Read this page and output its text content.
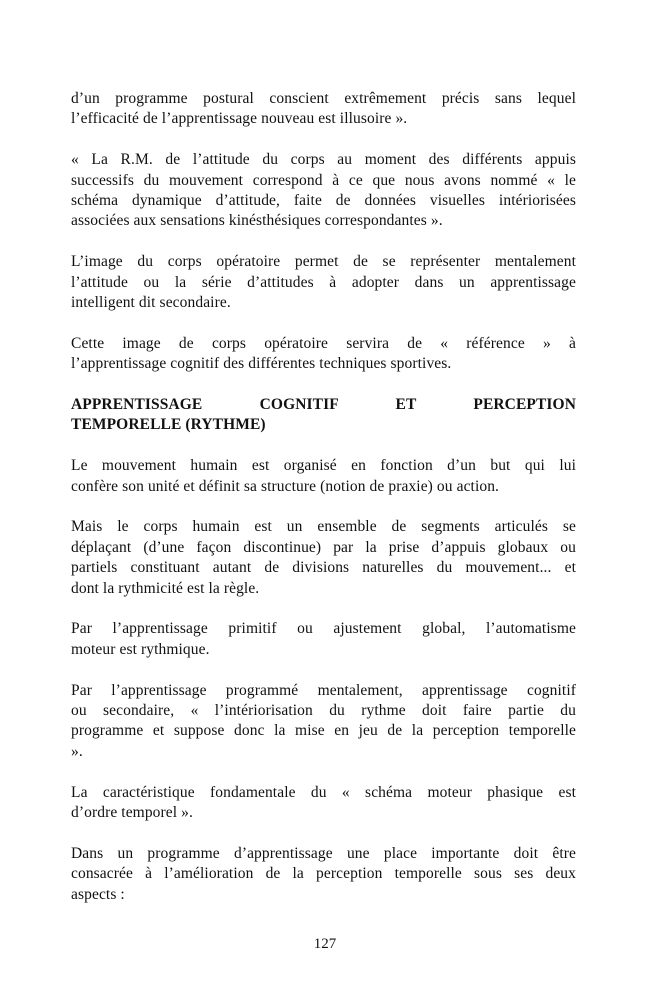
d’un programme postural conscient extrêmement précis sans lequel
l’efficacité de l’apprentissage nouveau est illusoire ».
« La R.M. de l’attitude du corps au moment des différents appuis
successifs du mouvement correspond à ce que nous avons nommé « le
schéma dynamique d’attitude, faite de données visuelles intériorisées
associées aux sensations kinésthésiques correspondantes ».
L’image du corps opératoire permet de se représenter mentalement
l’attitude ou la série d’attitudes à adopter dans un apprentissage
intelligent dit secondaire.
Cette image de corps opératoire servira de « référence » à
l’apprentissage cognitif des différentes techniques sportives.
APPRENTISSAGE COGNITIF ET PERCEPTION
TEMPORELLE (RYTHME)
Le mouvement humain est organisé en fonction d’un but qui lui
confère son unité et définit sa structure (notion de praxie) ou action.
Mais le corps humain est un ensemble de segments articulés se
déplaçant (d’une façon discontinue) par la prise d’appuis globaux ou
partiels constituant autant de divisions naturelles du mouvement... et
dont la rythmicité est la règle.
Par l’apprentissage primitif ou ajustement global, l’automatisme
moteur est rythmique.
Par l’apprentissage programmé mentalement, apprentissage cognitif
ou secondaire, « l’intériorisation du rythme doit faire partie du
programme et suppose donc la mise en jeu de la perception temporelle
».
La caractéristique fondamentale du « schéma moteur phasique est
d’ordre temporel ».
Dans un programme d’apprentissage une place importante doit être
consacrée à l’amélioration de la perception temporelle sous ses deux
aspects :
127
